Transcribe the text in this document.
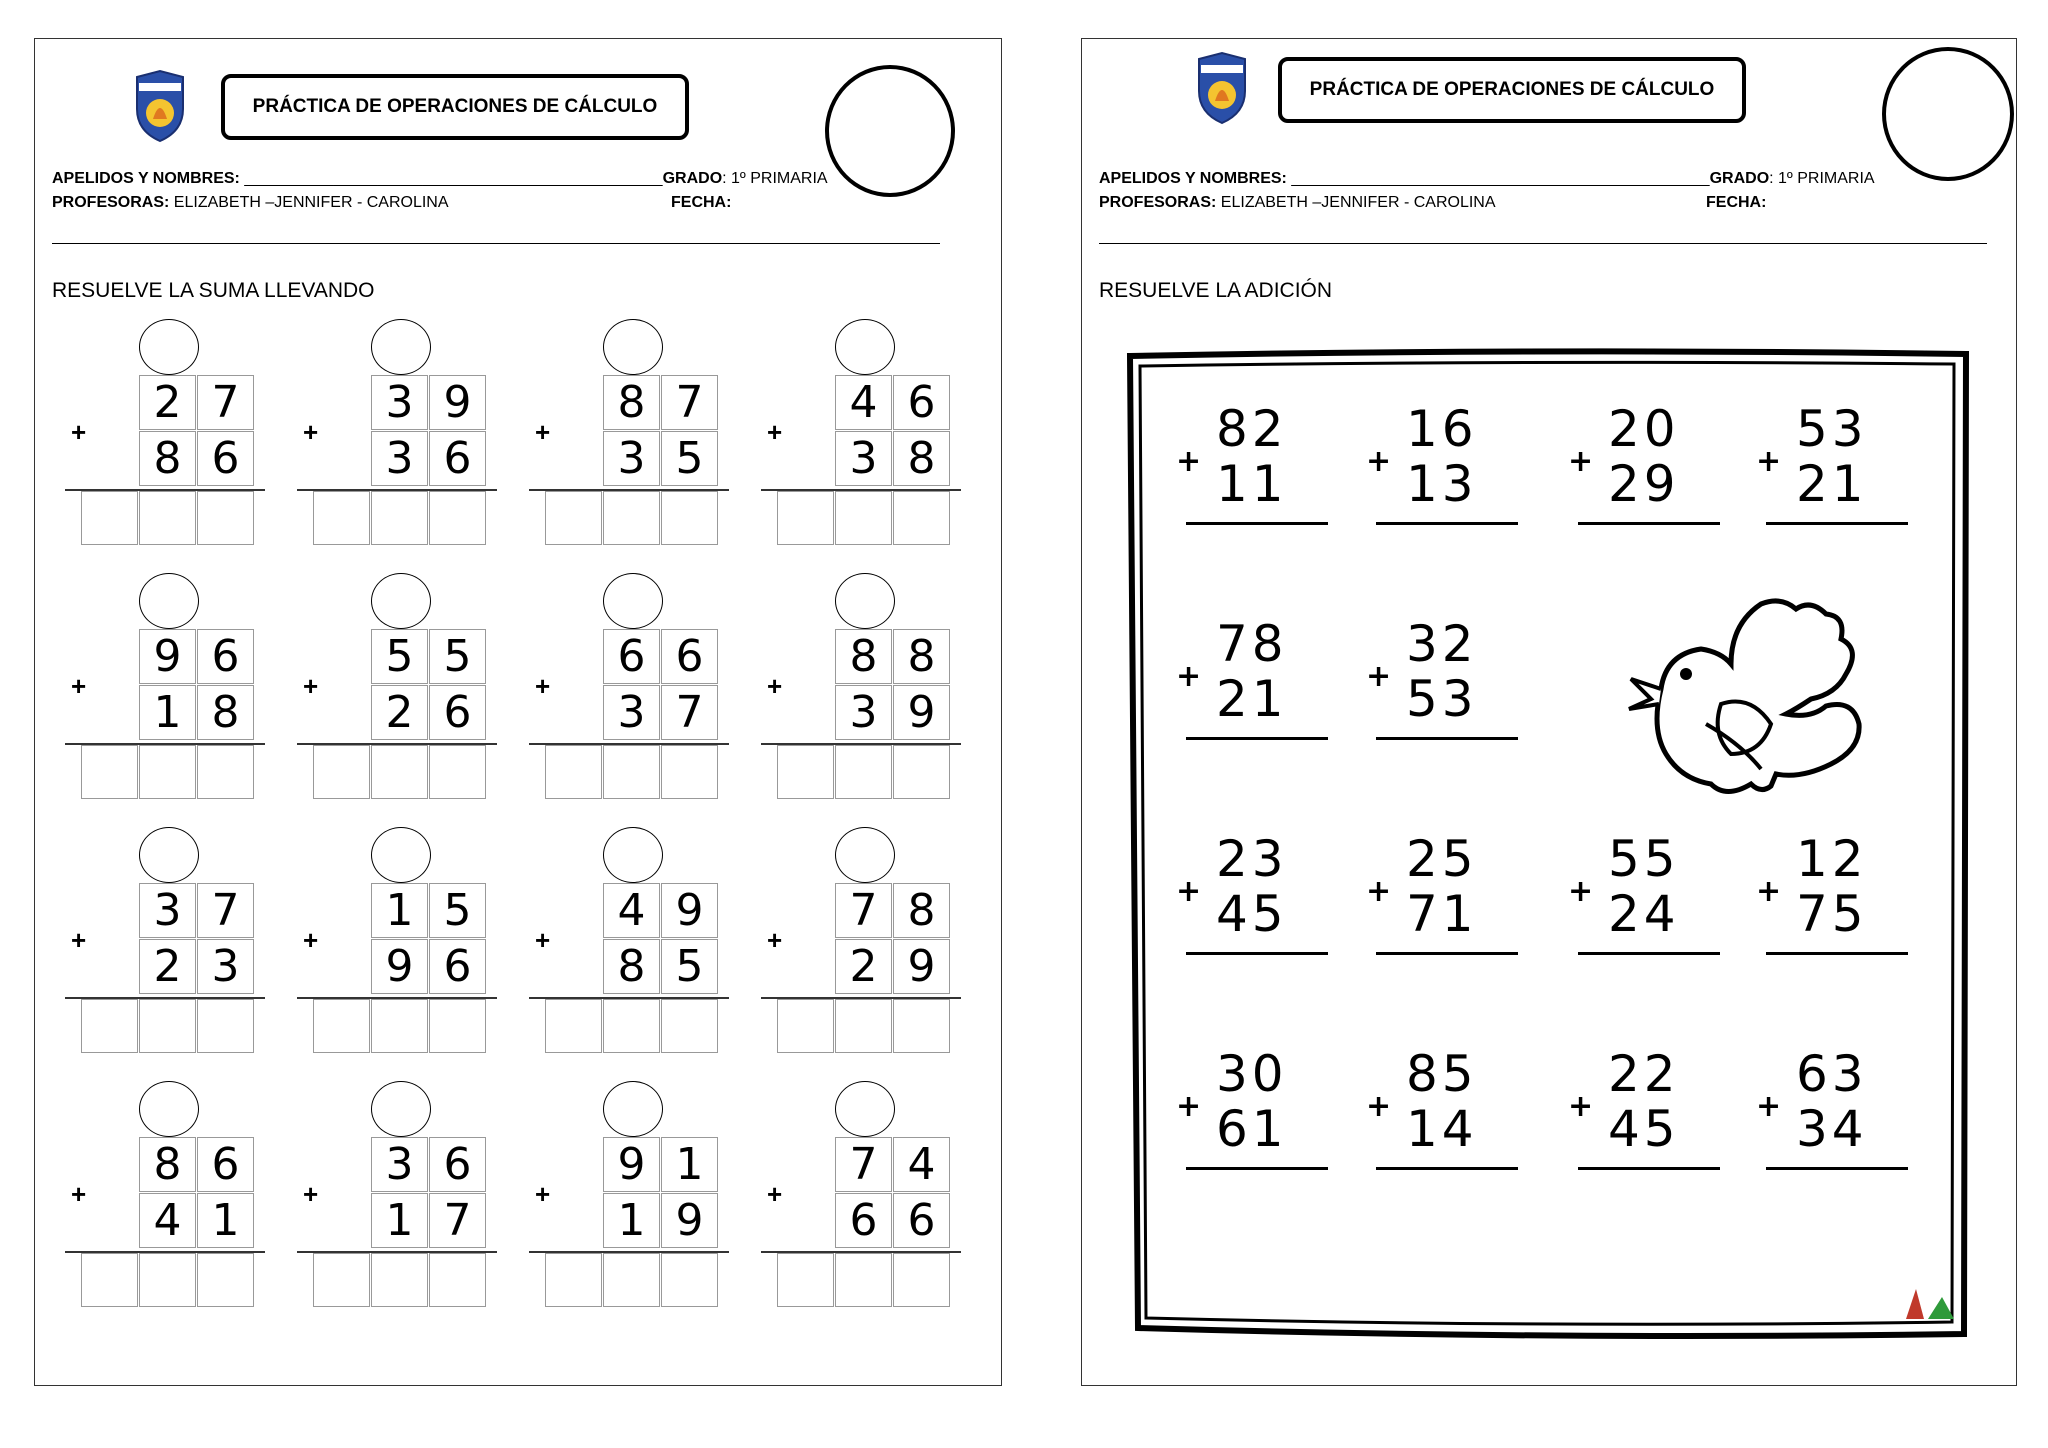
PRÁCTICA DE OPERACIONES DE CÁLCULO
APELIDOS Y NOMBRES: _______________________________________________GRADO: 1º PRIMARIA
PROFESORAS: ELIZABETH –JENNIFER - CAROLINA	FECHA:
RESUELVE LA SUMA LLEVANDO
+
2 7
8 6
+
3 9
3 6
+
8 7
3 5
+
4 6
3 8
+
9 6
1 8
+
5 5
2 6
+
6 6
3 7
+
8 8
3 9
+
3 7
2 3
+
1 5
9 6
+
4 9
8 5
+
7 8
2 9
+
8 6
4 1
+
3 6
1 7
+
9 1
1 9
+
7 4
6 6
PRÁCTICA DE OPERACIONES DE CÁLCULO
APELIDOS Y NOMBRES: _______________________________________________GRADO: 1º PRIMARIA
PROFESORAS: ELIZABETH –JENNIFER - CAROLINA	FECHA:
RESUELVE LA ADICIÓN
+
82
11	+
16
13	+
20
29	+
53
21
+
78
21	+
32
53
+
23
45	+
25
71	+
55
24	+
12
75
+
30
61	+
85
14	+
22
45	+
63
34
